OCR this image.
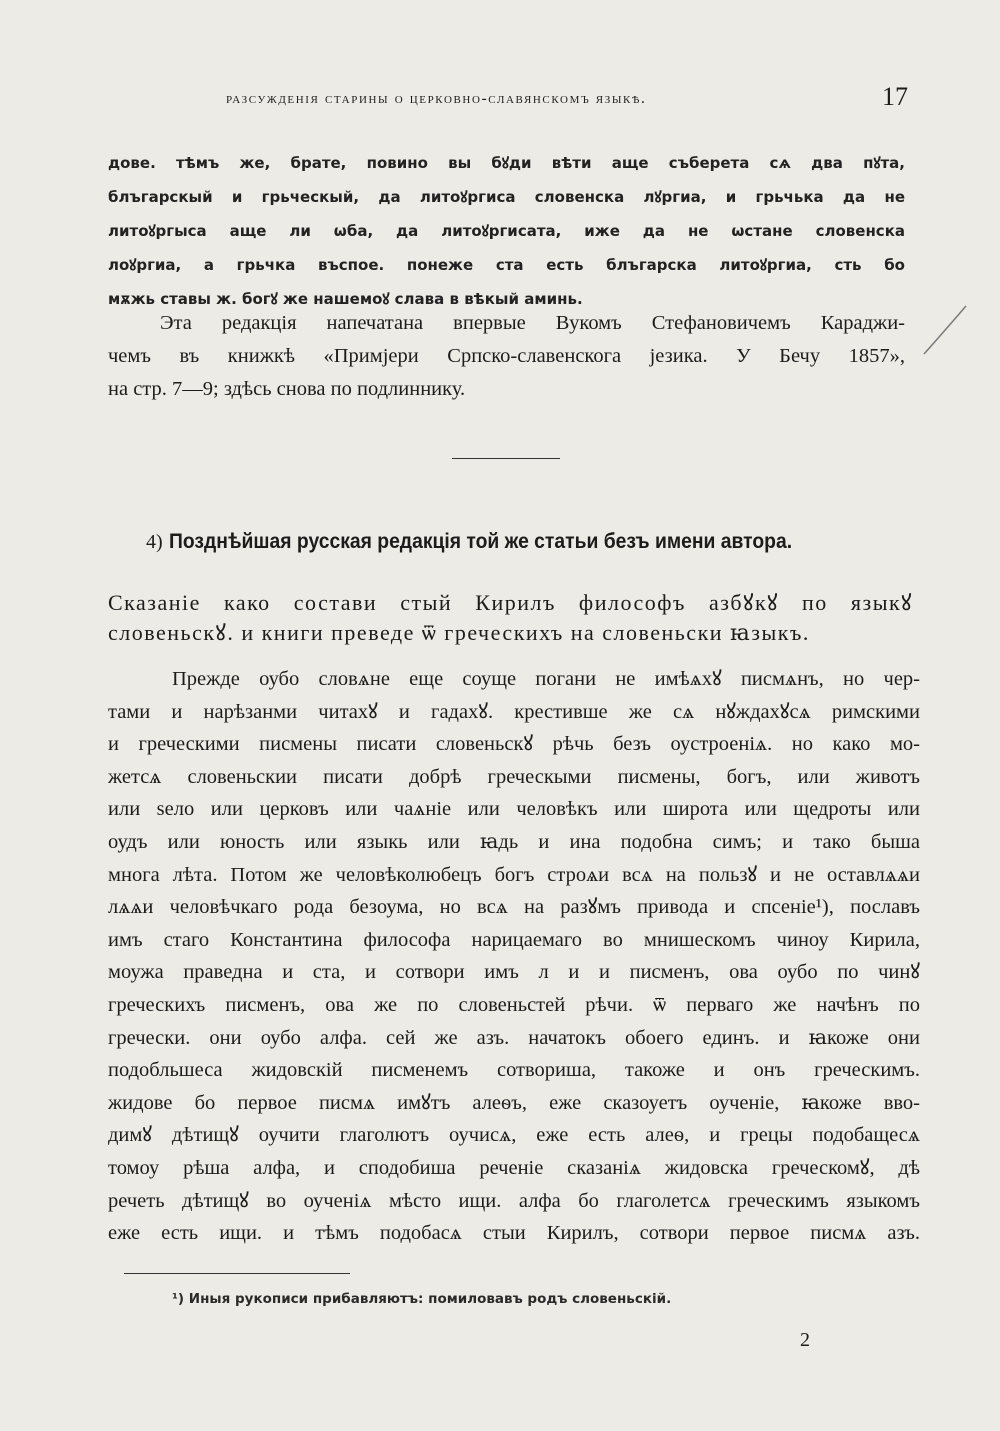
разсужденія старины о церковно-славянскомъ языкѣ.	17
дове. тѣмъ же, брате, повино вы бꙋди вѣти аще съберета сѧ два пꙋта,
блъгарскый и грьческый, да литоꙋргиса словенска лꙋргиа, и грьчька да не
литоꙋргыса аще ли ѡба, да литоꙋргисата, иже да не ѡстане словенска
лоꙋргиа, а грьчка въспое. понеже ста есть блъгарска литоꙋргиа, сть бо
мѫжь ставы ж. богꙋ же нашемоꙋ слава в вѣкый аминь.
Эта редакція напечатана впервые Вукомъ Стефановичемъ Караджи-
чемъ въ книжкѣ «Примјери Српско-славенскога језика. У Бечу 1857»,
на стр. 7—9; здѣсь снова по подлиннику.
4) Позднѣйшая русская редакція той же статьи безъ имени автора.
Сказаніе како состави стый Кирилъ философъ азбꙋкꙋ по языкꙋ
словеньскꙋ. и книги преведе ѿ греческихъ на словеньски ꙗзыкъ.
Прежде оубо словѧне еще соуще погани не имѣѧхꙋ писмѧнъ, но чер-
тами и нарѣзанми читахꙋ и гадахꙋ. крестивше же сѧ нꙋждахꙋсѧ римскими
и греческими писмены писати словеньскꙋ рѣчь безъ оустроеніѧ. но како мо-
жетсѧ словеньскии писати добрѣ греческыми писмены, богъ, или животъ
или ѕело или церковъ или чаѧніе или человѣкъ или широта или щедроты или
оудъ или юность или языкь или ꙗдь и ина подобна симъ; и тако быша
многа лѣта. Потом же человѣколюбецъ богъ строѧи всѧ на пользꙋ и не оставлѧѧи
лѧѧи человѣчкаго рода безоума, но всѧ на разꙋмъ привода и спсеніе¹), пославъ
имъ стаго Константина философа нарицаемаго во мнишескомъ чиноу Кирила,
моужа праведна и ста, и сотвори имъ л и и писменъ, ова оубо по чинꙋ
греческихъ писменъ, ова же по словеньстей рѣчи. ѿ перваго же начѣнъ по
гречески. они оубо алфа. сей же азъ. начатокъ обоего единъ. и ꙗкоже они
подобльшеса жидовскій писменемъ сотвориша, такоже и онъ греческимъ.
жидове бо первое писмѧ имꙋтъ алеѳъ, еже сказоуетъ оученіе, ꙗкоже вво-
димꙋ дѣтищꙋ оучити глаголютъ оучисѧ, еже есть алеѳ, и грецы подобащесѧ
томоу рѣша алфа, и сподобиша реченіе сказаніѧ жидовска греческомꙋ, дѣ
речеть дѣтищꙋ во оученіѧ мѣсто ищи. алфа бо глаголетсѧ греческимъ языкомъ
еже есть ищи. и тѣмъ подобасѧ стыи Кирилъ, сотвори первое писмѧ азъ.
¹) Иныя рукописи прибавляютъ: помиловавъ родъ словеньскій.
2
